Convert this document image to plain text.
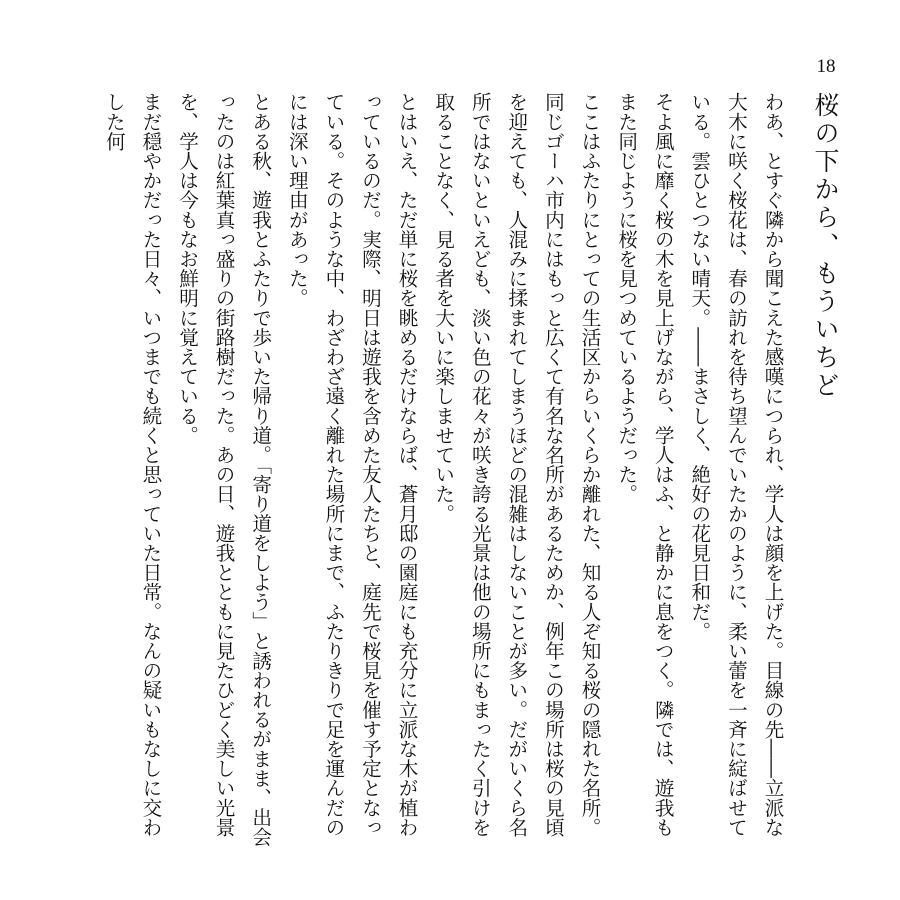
18
桜の下から、もういちど

わあ、とすぐ隣から聞こえた感嘆につられ、学人は顔を上げた。目線の先――立派な大木に咲く桜花は、春の訪れを待ち望んでいたかのように、柔い蕾を一斉に綻ばせている。雲ひとつない晴天。――まさしく、絶好の花見日和だ。

そよ風に靡く桜の木を見上げながら、学人はふ、と静かに息をつく。隣では、遊我もまた同じように桜を見つめているようだった。

ここはふたりにとっての生活区からいくらか離れた、知る人ぞ知る桜の隠れた名所。同じゴーハ市内にはもっと広くて有名な名所があるためか、例年この場所は桜の見頃を迎えても、人混みに揉まれてしまうほどの混雑はしないことが多い。だがいくら名所ではないといえども、淡い色の花々が咲き誇る光景は他の場所にもまったく引けを取ることなく、見る者を大いに楽しませていた。

とはいえ、ただ単に桜を眺めるだけならば、蒼月邸の園庭にも充分に立派な木が植わっているのだ。実際、明日は遊我を含めた友人たちと、庭先で桜見を催す予定となっている。そのような中、わざわざ遠く離れた場所にまで、ふたりきりで足を運んだのには深い理由があった。

とある秋、遊我とふたりで歩いた帰り道。「寄り道をしよう」と誘われるがまま、出会ったのは紅葉真っ盛りの街路樹だった。あの日、遊我とともに見たひどく美しい光景を、学人は今もなお鮮明に覚えている。

まだ穏やかだった日々、いつまでも続くと思っていた日常。なんの疑いもなしに交わした何
